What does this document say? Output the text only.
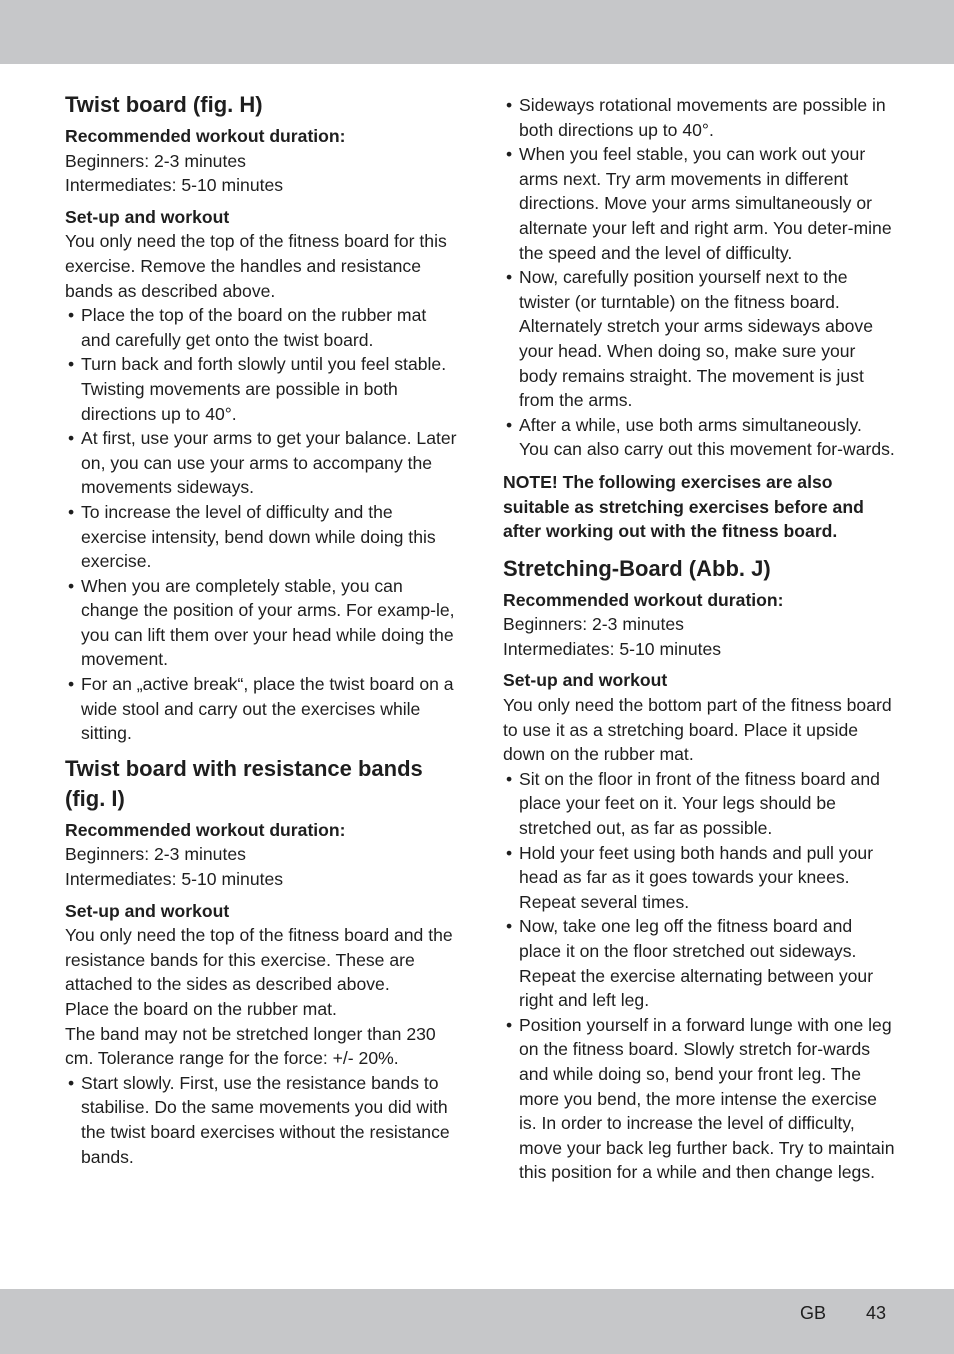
Twist board (fig. H)

Recommended workout duration:

Beginners: 2-3 minutes

Intermediates: 5-10 minutes

Set-up and workout

You only need the top of the fitness board for this exercise. Remove the handles and resistance bands as described above.

• Place the top of the board on the rubber mat and carefully get onto the twist board.
• Turn back and forth slowly until you feel stable. Twisting movements are possible in both directions up to 40°.
• At first, use your arms to get your balance. Later on, you can use your arms to accompany the movements sideways.
• To increase the level of difficulty and the exercise intensity, bend down while doing this exercise.
• When you are completely stable, you can change the position of your arms. For examp-le, you can lift them over your head while doing the movement.
• For an „active break“, place the twist board on a wide stool and carry out the exercises while sitting.
Twist board with resistance bands (fig. I)

Recommended workout duration:

Beginners: 2-3 minutes

Intermediates: 5-10 minutes

Set-up and workout

You only need the top of the fitness board and the resistance bands for this exercise. These are attached to the sides as described above.

Place the board on the rubber mat.

The band may not be stretched longer than 230 cm. Tolerance range for the force: +/- 20%.

• Start slowly. First, use the resistance bands to stabilise. Do the same movements you did with the twist board exercises without the resistance bands.
• Sideways rotational movements are possible in both directions up to 40°.
• When you feel stable, you can work out your arms next. Try arm movements in different directions. Move your arms simultaneously or alternate your left and right arm. You deter-mine the speed and the level of difficulty.
• Now, carefully position yourself next to the twister (or turntable) on the fitness board. Alternately stretch your arms sideways above your head. When doing so, make sure your body remains straight. The movement is just from the arms.
• After a while, use both arms simultaneously. You can also carry out this movement for-wards.

NOTE! The following exercises are also suitable as stretching exercises before and after working out with the fitness board.

Stretching-Board (Abb. J)

Recommended workout duration:

Beginners: 2-3 minutes

Intermediates: 5-10 minutes

Set-up and workout

You only need the bottom part of the fitness board to use it as a stretching board. Place it upside down on the rubber mat.

• Sit on the floor in front of the fitness board and place your feet on it. Your legs should be stretched out, as far as possible.
• Hold your feet using both hands and pull your head as far as it goes towards your knees. Repeat several times.
• Now, take one leg off the fitness board and place it on the floor stretched out sideways. Repeat the exercise alternating between your right and left leg.
• Position yourself in a forward lunge with one leg on the fitness board. Slowly stretch for-wards and while doing so, bend your front leg. The more you bend, the more intense the exercise is. In order to increase the level of difficulty, move your back leg further back. Try to maintain this position for a while and then change legs.
GB 43
